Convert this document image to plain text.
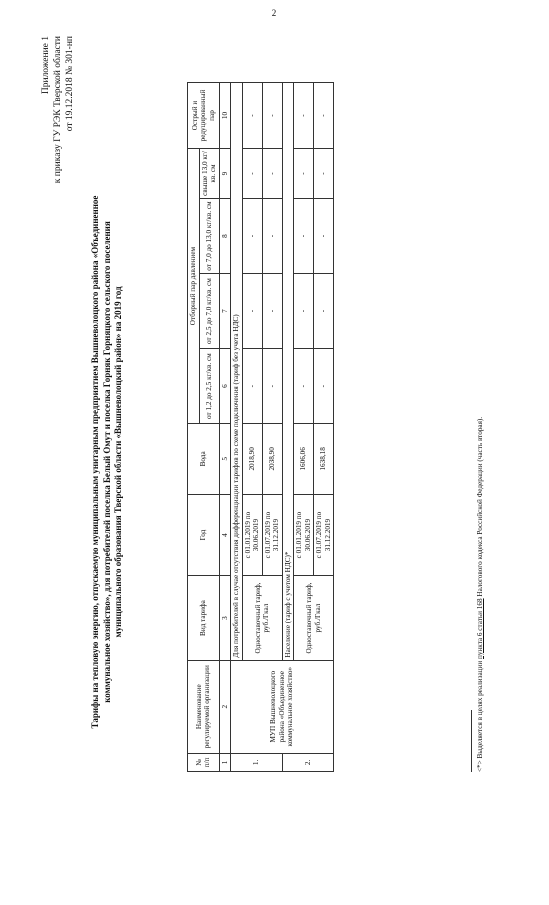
2
Приложение 1 к приказу ГУ РЭК Тверской области от 19.12.2018 № 301-нп
Тарифы на тепловую энергию, отпускаемую муниципальным унитарным предприятием Вышневолоцкого района «Объединенное коммунальное хозяйство», для потребителей поселка Белый Омут и поселка Горняк Горняцкого сельского поселения муниципального образования Тверской области «Вышневолоцкий район» на 2019 год
№ п/п	Наименование регулируемой организации	Вид тарифа	Год	Вода	Отборный пар давлением				Острый и редуцированный пар
					от 1,2 до 2,5 кг/кв. см	от 2,5 до 7,0 кг/кв. см	от 7,0 до 13,0 кг/кв. см	свыше 13,0 кг/кв. см	
1	2	3	4	5	6	7	8	9	10
1.	МУП Вышневолоцкого района «Объединенное коммунальное хозяйство»	Для потребителей в случае отсутствия дифференциации тарифов по схеме подключения (тариф без учета НДС)							
		Одноставочный тариф, руб./Гкал	с 01.01.2019 по 30.06.2019	2018,90	-	-	-	-	-
			с 01.07.2019 по 31.12.2019	2038,90	-	-	-	-	-
2.		Население (тариф с учетом НДС)*							
		Одноставочный тариф, руб./Гкал	с 01.01.2019 по 30.06.2019	1606,06	-	-	-	-	-
			с 01.07.2019 по 31.12.2019	1638,18	-	-	-	-	-
<*> Выделяется в целях реализации пункта 6 статьи 168 Налогового кодекса Российской Федерации (часть вторая).
